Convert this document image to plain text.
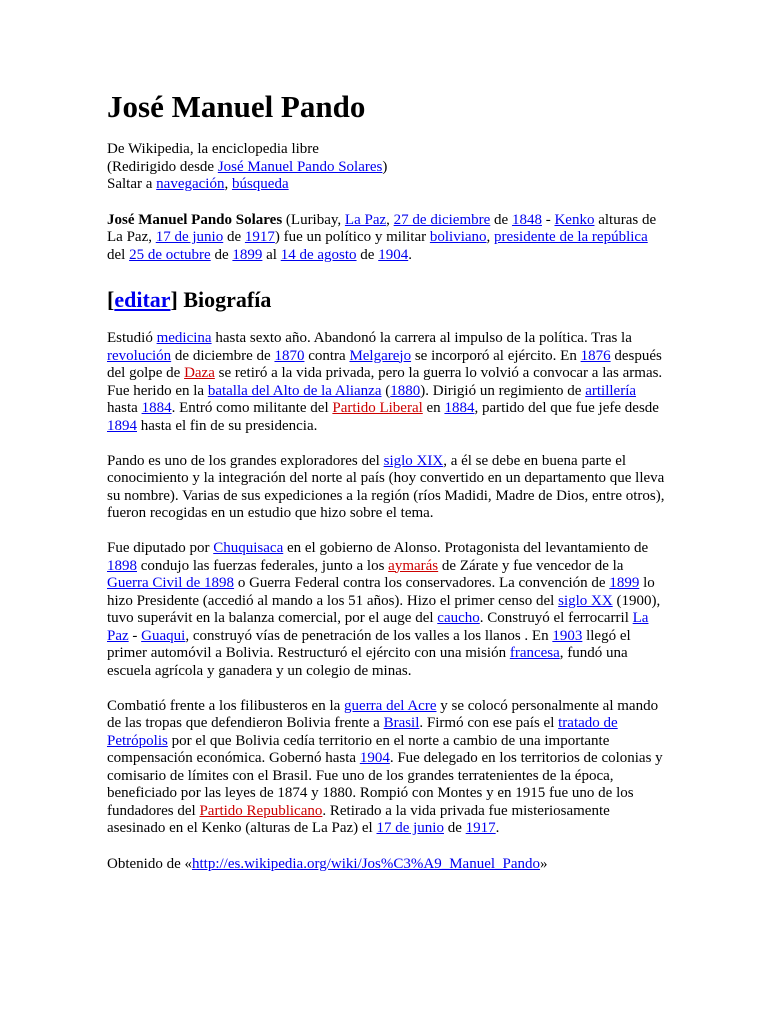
José Manuel Pando
De Wikipedia, la enciclopedia libre
(Redirigido desde José Manuel Pando Solares)
Saltar a navegación, búsqueda

José Manuel Pando Solares (Luribay, La Paz, 27 de diciembre de 1848 - Kenko alturas de La Paz, 17 de junio de 1917) fue un político y militar boliviano, presidente de la república del 25 de octubre de 1899 al 14 de agosto de 1904.

[editar] Biografía

Estudió medicina hasta sexto año. Abandonó la carrera al impulso de la política. Tras la revolución de diciembre de 1870 contra Melgarejo se incorporó al ejército. En 1876 después del golpe de Daza se retiró a la vida privada, pero la guerra lo volvió a convocar a las armas. Fue herido en la batalla del Alto de la Alianza (1880). Dirigió un regimiento de artillería hasta 1884. Entró como militante del Partido Liberal en 1884, partido del que fue jefe desde 1894 hasta el fin de su presidencia.

Pando es uno de los grandes exploradores del siglo XIX, a él se debe en buena parte el conocimiento y la integración del norte al país (hoy convertido en un departamento que lleva su nombre). Varias de sus expediciones a la región (ríos Madidi, Madre de Dios, entre otros), fueron recogidas en un estudio que hizo sobre el tema.

Fue diputado por Chuquisaca en el gobierno de Alonso. Protagonista del levantamiento de 1898 condujo las fuerzas federales, junto a los aymarás de Zárate y fue vencedor de la Guerra Civil de 1898 o Guerra Federal contra los conservadores. La convención de 1899 lo hizo Presidente (accedió al mando a los 51 años). Hizo el primer censo del siglo XX (1900), tuvo superávit en la balanza comercial, por el auge del caucho. Construyó el ferrocarril La Paz - Guaqui, construyó vías de penetración de los valles a los llanos . En 1903 llegó el primer automóvil a Bolivia. Restructuró el ejército con una misión francesa, fundó una escuela agrícola y ganadera y un colegio de minas.

Combatió frente a los filibusteros en la guerra del Acre y se colocó personalmente al mando de las tropas que defendieron Bolivia frente a Brasil. Firmó con ese país el tratado de Petrópolis por el que Bolivia cedía territorio en el norte a cambio de una importante compensación económica. Gobernó hasta 1904. Fue delegado en los territorios de colonias y comisario de límites con el Brasil. Fue uno de los grandes terratenientes de la época, beneficiado por las leyes de 1874 y 1880. Rompió con Montes y en 1915 fue uno de los fundadores del Partido Republicano. Retirado a la vida privada fue misteriosamente asesinado en el Kenko (alturas de La Paz) el 17 de junio de 1917.

Obtenido de «http://es.wikipedia.org/wiki/Jos%C3%A9_Manuel_Pando»
